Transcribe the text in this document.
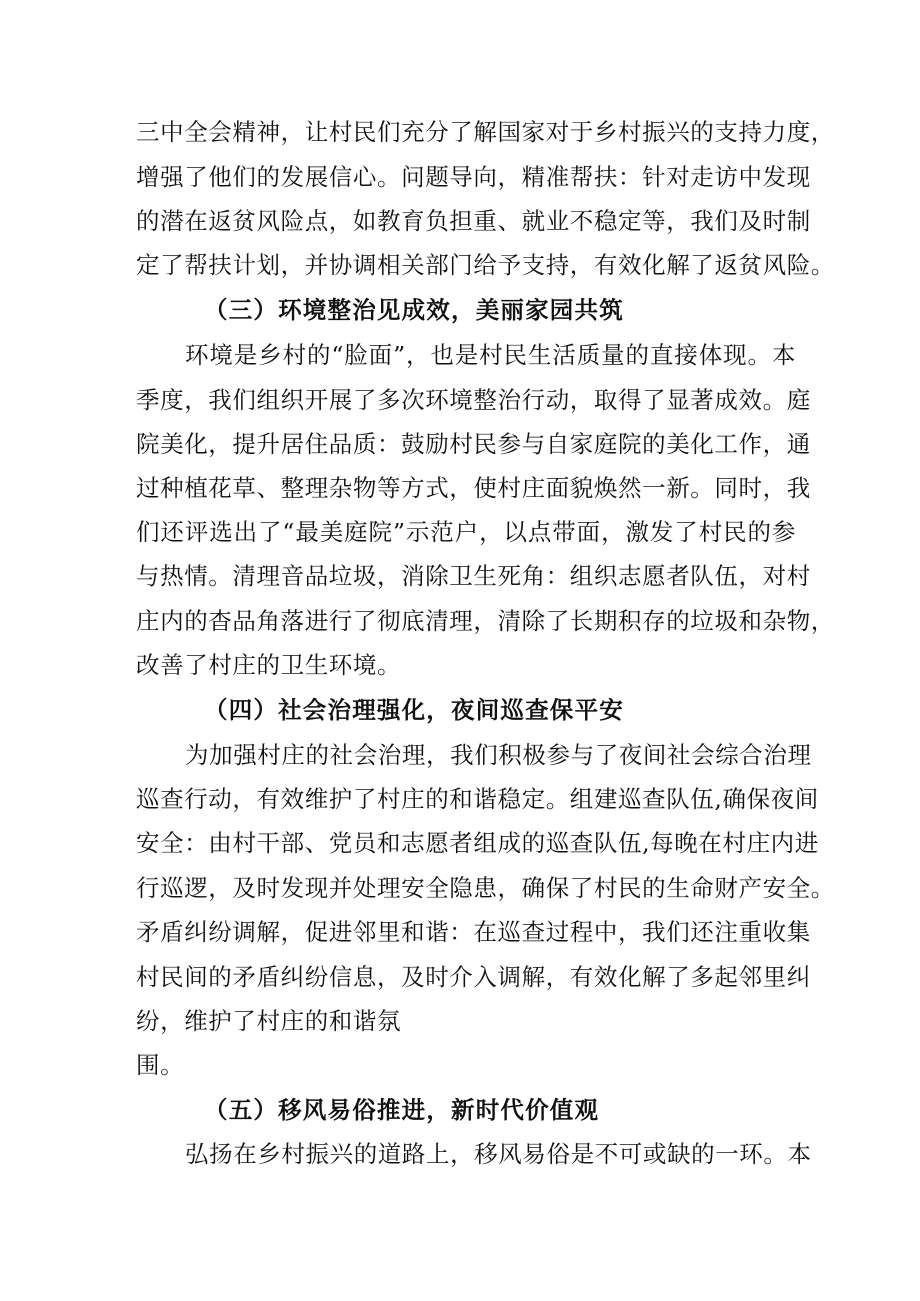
三中全会精神，让村民们充分了解国家对于乡村振兴的支持力度，
增强了他们的发展信心。问题导向，精准帮扶：针对走访中发现
的潜在返贫风险点，如教育负担重、就业不稳定等，我们及时制
定了帮扶计划，并协调相关部门给予支持，有效化解了返贫风险。
（三）环境整治见成效，美丽家园共筑
环境是乡村的“脸面”，也是村民生活质量的直接体现。本
季度，我们组织开展了多次环境整治行动，取得了显著成效。庭
院美化，提升居住品质：鼓励村民参与自家庭院的美化工作，通
过种植花草、整理杂物等方式，使村庄面貌焕然一新。同时，我
们还评选出了“最美庭院”示范户，以点带面，激发了村民的参
与热情。清理音品垃圾，消除卫生死角：组织志愿者队伍，对村
庄内的杳品角落进行了彻底清理，清除了长期积存的垃圾和杂物，
改善了村庄的卫生环境。
（四）社会治理强化，夜间巡查保平安
为加强村庄的社会治理，我们积极参与了夜间社会综合治理
巡查行动，有效维护了村庄的和谐稳定。组建巡查队伍,确保夜间
安全：由村干部、党员和志愿者组成的巡查队伍,每晚在村庄内进
行巡逻，及时发现并处理安全隐患，确保了村民的生命财产安全。
矛盾纠纷调解，促进邻里和谐：在巡查过程中，我们还注重收集
村民间的矛盾纠纷信息，及时介入调解，有效化解了多起邻里纠
纷，维护了村庄的和谐氛
围。
（五）移风易俗推进，新时代价值观
弘扬在乡村振兴的道路上，移风易俗是不可或缺的一环。本
